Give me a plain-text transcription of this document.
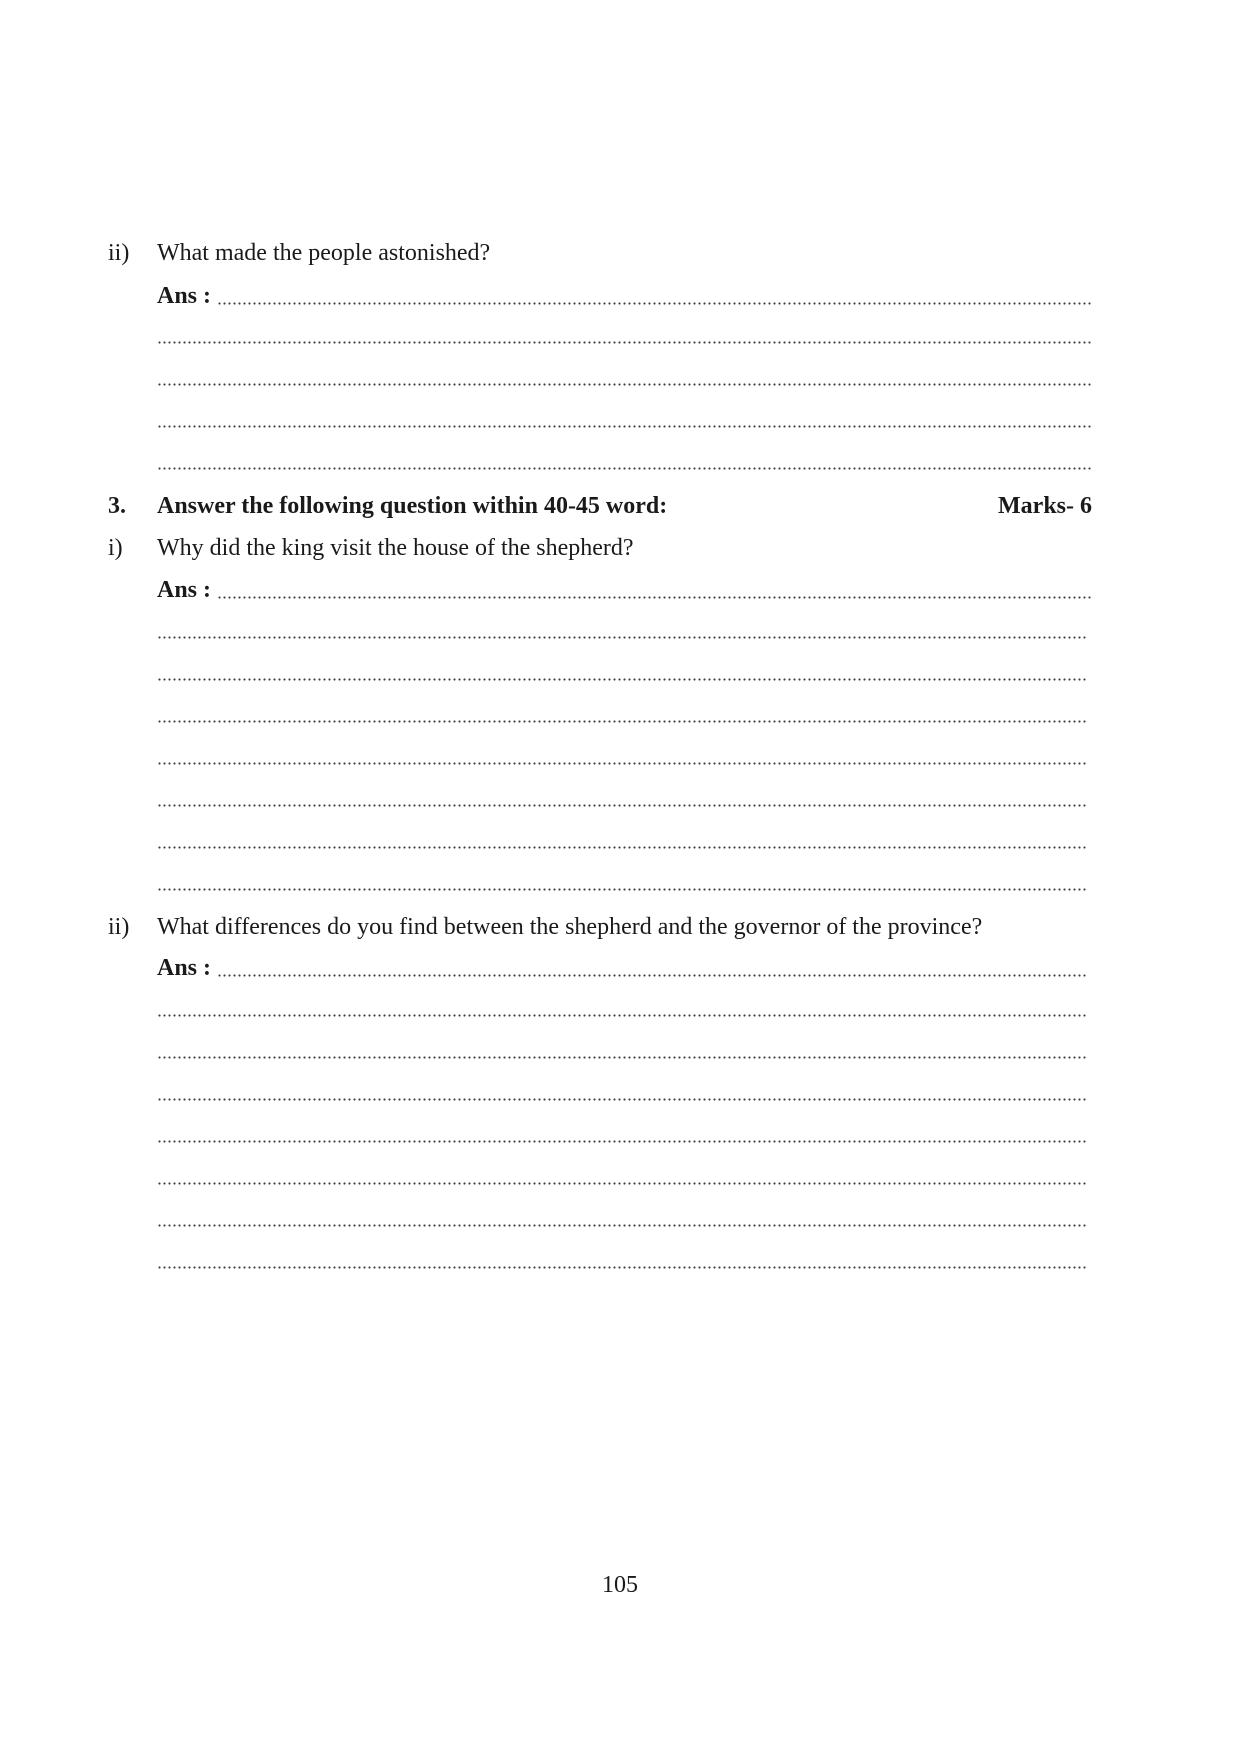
ii)	What made the people astonished?
Ans :
3.	Answer the following question within 40-45 word:	Marks- 6
i)	Why did the king visit the house of the shepherd?
Ans :
ii)	What differences do you find between the shepherd and the governor of the province?
Ans :
105
